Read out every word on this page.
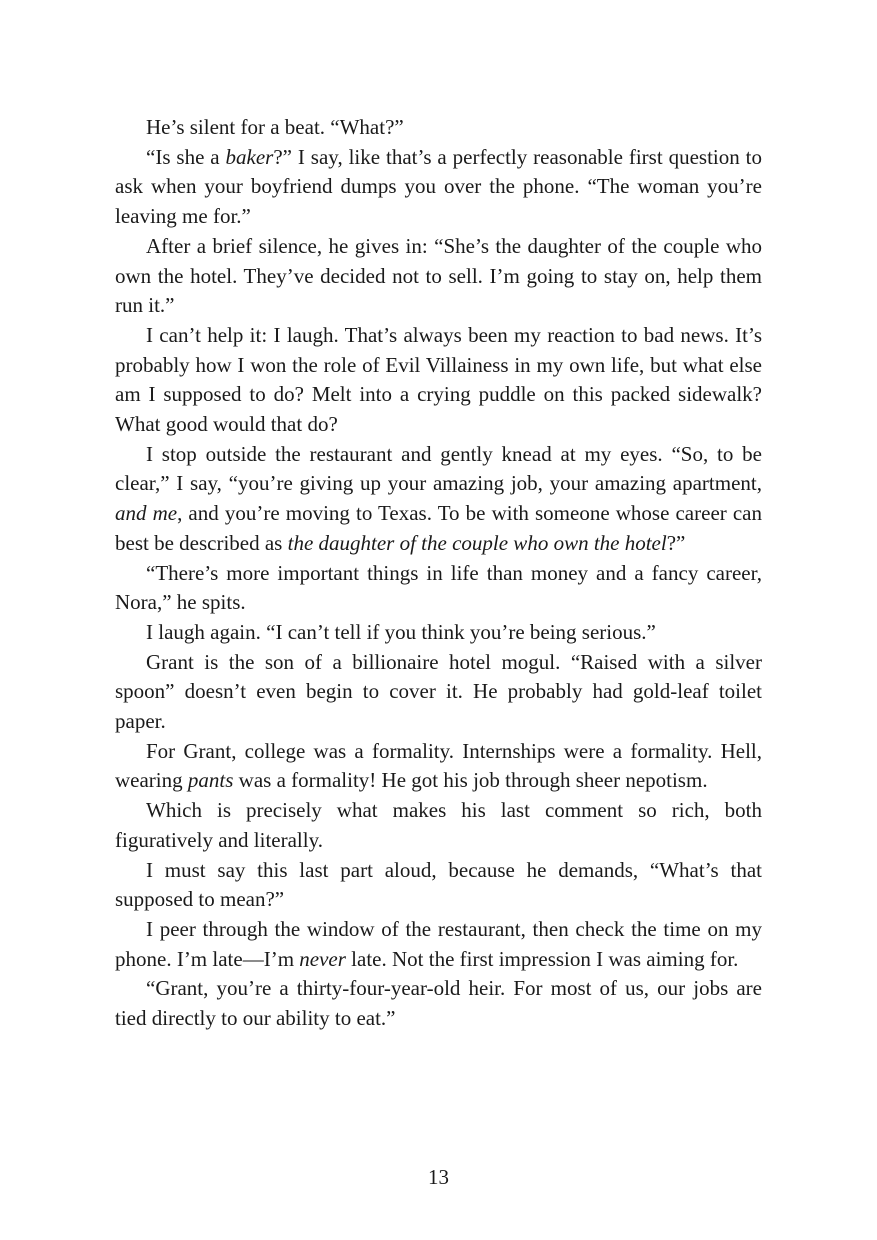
He’s silent for a beat. “What?”

“Is she a baker?” I say, like that’s a perfectly reasonable first question to ask when your boyfriend dumps you over the phone. “The woman you’re leaving me for.”

After a brief silence, he gives in: “She’s the daughter of the couple who own the hotel. They’ve decided not to sell. I’m going to stay on, help them run it.”

I can’t help it: I laugh. That’s always been my reaction to bad news. It’s probably how I won the role of Evil Villainess in my own life, but what else am I supposed to do? Melt into a crying puddle on this packed sidewalk? What good would that do?

I stop outside the restaurant and gently knead at my eyes. “So, to be clear,” I say, “you’re giving up your amazing job, your amazing apartment, and me, and you’re moving to Texas. To be with someone whose career can best be described as the daughter of the couple who own the hotel?”

“There’s more important things in life than money and a fancy career, Nora,” he spits.

I laugh again. “I can’t tell if you think you’re being serious.”

Grant is the son of a billionaire hotel mogul. “Raised with a silver spoon” doesn’t even begin to cover it. He probably had gold-leaf toilet paper.

For Grant, college was a formality. Internships were a formality. Hell, wearing pants was a formality! He got his job through sheer nepotism.

Which is precisely what makes his last comment so rich, both figuratively and literally.

I must say this last part aloud, because he demands, “What’s that supposed to mean?”

I peer through the window of the restaurant, then check the time on my phone. I’m late—I’m never late. Not the first impression I was aiming for.

“Grant, you’re a thirty-four-year-old heir. For most of us, our jobs are tied directly to our ability to eat.”

13
